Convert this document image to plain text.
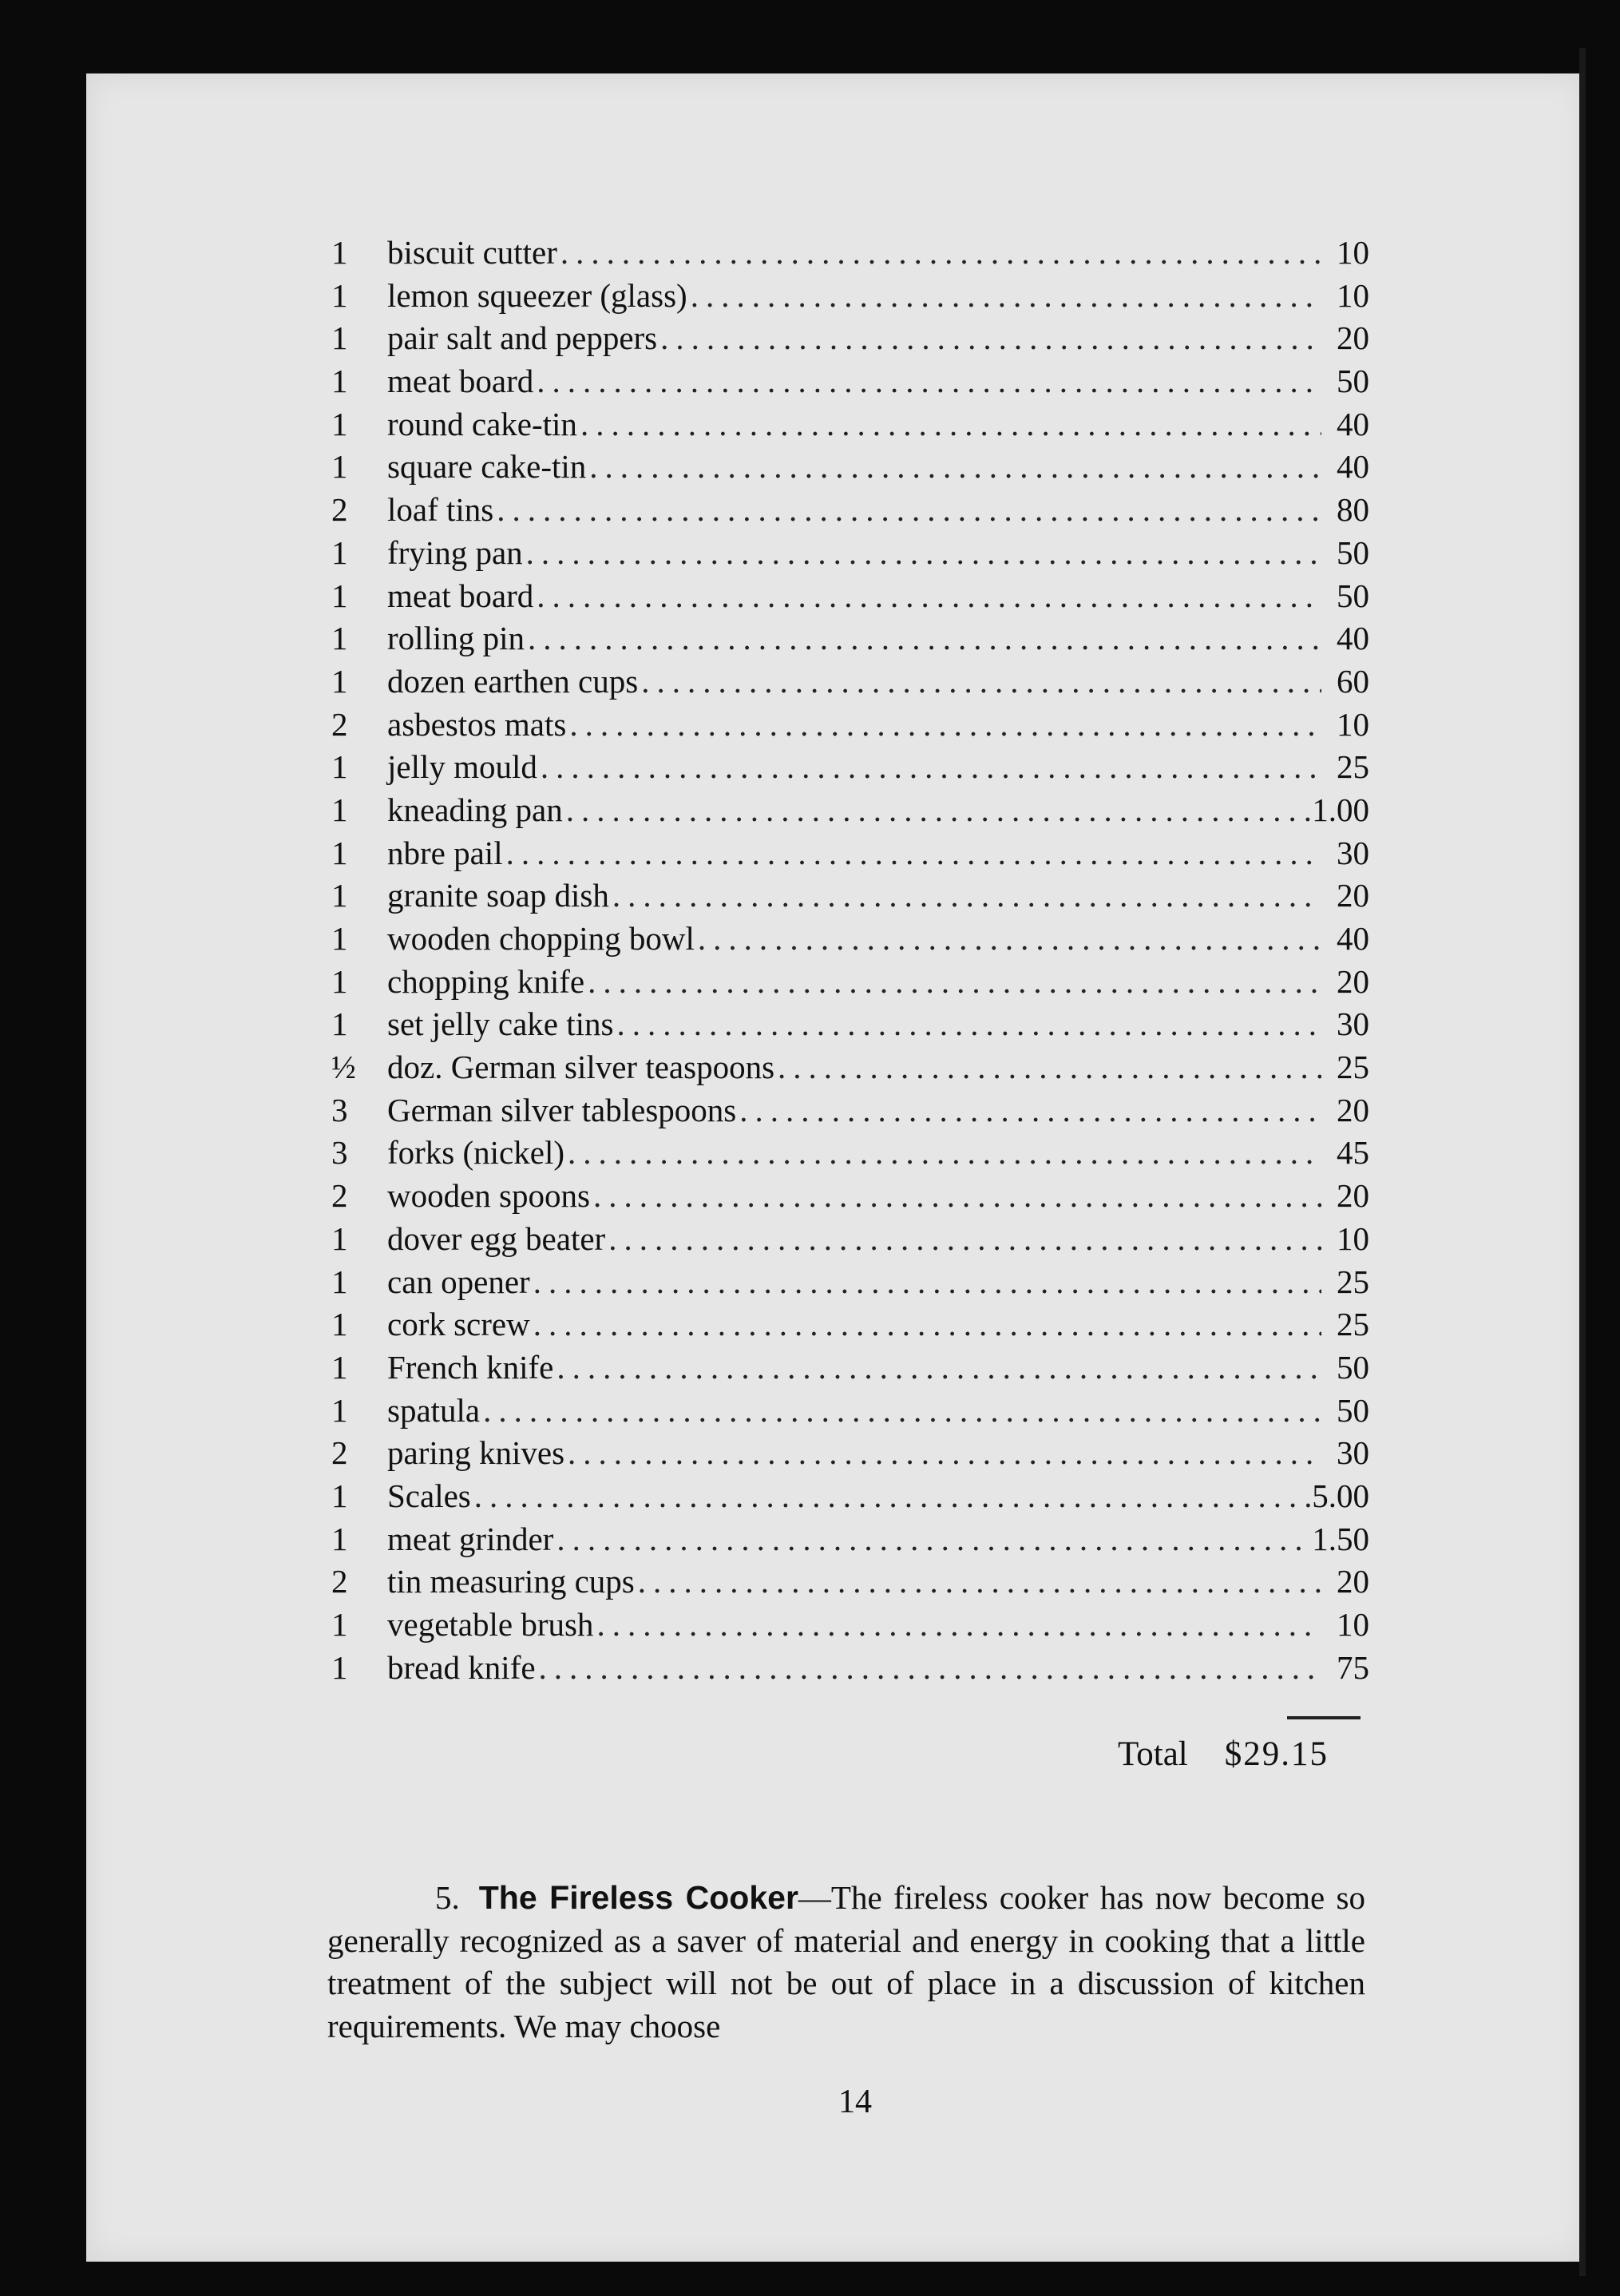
1	biscuit cutter .....	10
1	lemon squeezer (glass) .....	10
1	pair salt and peppers .....	20
1	meat board .....	50
1	round cake-tin .....	40
1	square cake-tin .....	40
2	loaf tins .....	80
1	frying pan .....	50
1	meat board .....	50
1	rolling pin .....	40
1	dozen earthen cups .....	60
2	asbestos mats .....	10
1	jelly mould .....	25
1	kneading pan .....	1.00
1	nbre pail .....	30
1	granite soap dish .....	20
1	wooden chopping bowl .....	40
1	chopping knife .....	20
1	set jelly cake tins .....	30
½ doz. German silver teaspoons .....	25
3	German silver tablespoons .....	20
3	forks (nickel) .....	45
2	wooden spoons .....	20
1	dover egg beater .....	10
1	can opener .....	25
1	cork screw .....	25
1	French knife .....	50
1	spatula .....	50
2	paring knives .....	30
1	Scales .....	5.00
1	meat grinder .....	1.50
2	tin measuring cups .....	20
1	vegetable brush .....	10
1	bread knife .....	75
Total $29.15
5. The Fireless Cooker—The fireless cooker has now become so generally recognized as a saver of material and energy in cooking that a little treatment of the subject will not be out of place in a discussion of kitchen requirements. We may choose
14
